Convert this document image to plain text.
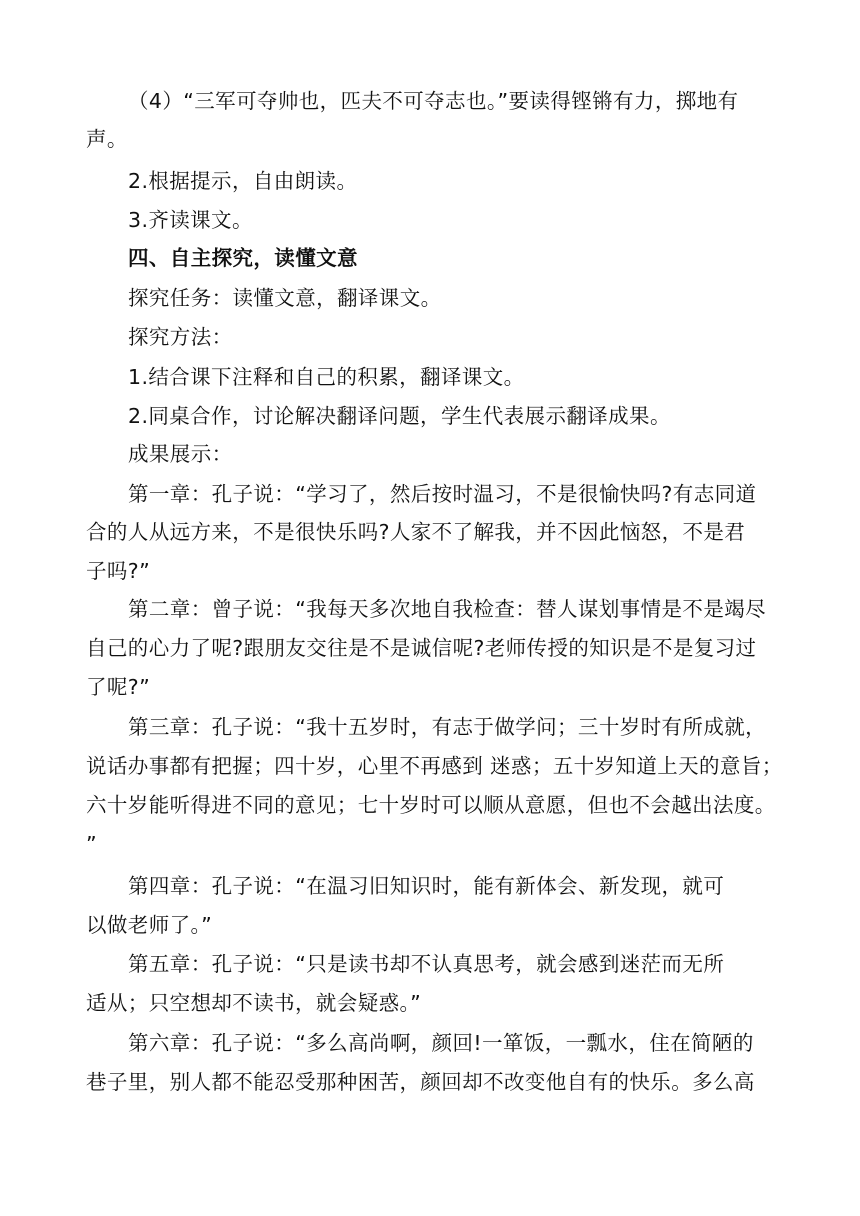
（4）“三军可夺帅也，匹夫不可夺志也。”要读得铿锵有力，掷地有
声。
2.根据提示，自由朗读。
3.齐读课文。
四、自主探究，读懂文意
探究任务：读懂文意，翻译课文。
探究方法：
1.结合课下注释和自己的积累，翻译课文。
2.同桌合作，讨论解决翻译问题，学生代表展示翻译成果。
成果展示：
第一章：孔子说：“学习了，然后按时温习，不是很愉快吗?有志同道
合的人从远方来，不是很快乐吗?人家不了解我，并不因此恼怒，不是君
子吗?”
第二章：曾子说：“我每天多次地自我检查：替人谋划事情是不是竭尽
自己的心力了呢?跟朋友交往是不是诚信呢?老师传授的知识是不是复习过
了呢?”
第三章：孔子说：“我十五岁时，有志于做学问；三十岁时有所成就，
说话办事都有把握；四十岁，心里不再感到 迷惑；五十岁知道上天的意旨；
六十岁能听得进不同的意见；七十岁时可以顺从意愿，但也不会越出法度。
”
第四章：孔子说：“在温习旧知识时，能有新体会、新发现，就可
以做老师了。”
第五章：孔子说：“只是读书却不认真思考，就会感到迷茫而无所
适从；只空想却不读书，就会疑惑。”
第六章：孔子说：“多么高尚啊，颜回!一箪饭，一瓢水，住在简陋的
巷子里，别人都不能忍受那种困苦，颜回却不改变他自有的快乐。多么高
